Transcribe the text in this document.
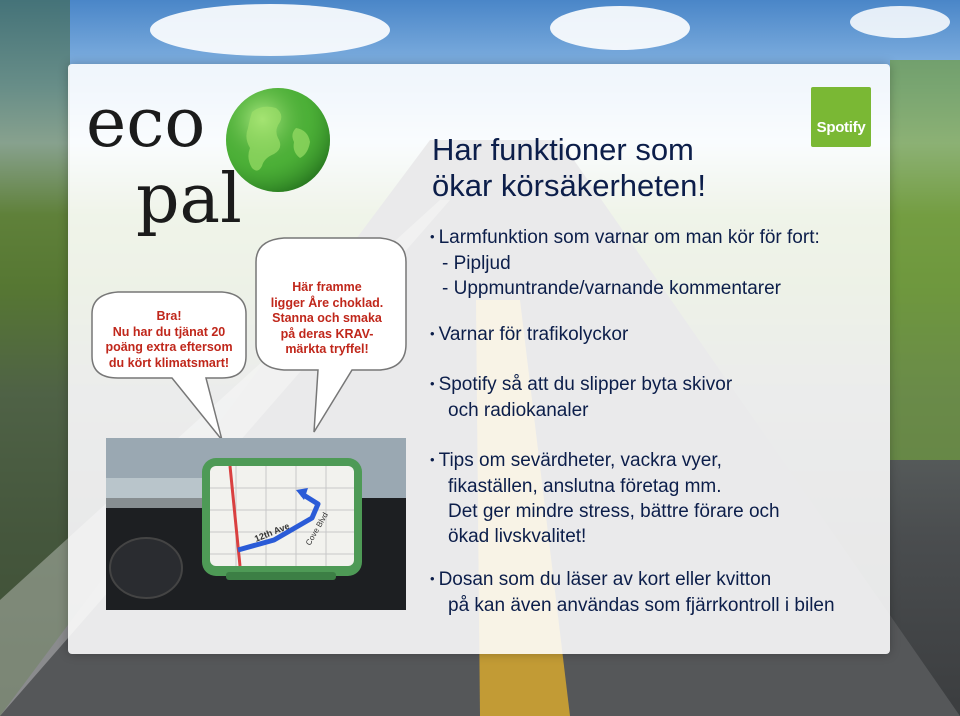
eco
pal
Spotify
Har funktioner som
ökar körsäkerheten!
Bra!
Nu har du tjänat 20
poäng extra eftersom
du kört klimatsmart!
Här framme
ligger Åre choklad.
Stanna och smaka
på deras KRAV-
märkta tryffel!
12th Ave Cove Blvd
• Larmfunktion som varnar om man kör för fort:
- Pipljud
- Uppmuntrande/varnande kommentarer
• Varnar för trafikolyckor
• Spotify så att du slipper byta skivor
och radiokanaler
• Tips om sevärdheter, vackra vyer,
fikaställen, anslutna företag mm.
Det ger mindre stress, bättre förare och
ökad livskvalitet!
• Dosan som du läser av kort eller kvitton
på kan även användas som fjärrkontroll i bilen
